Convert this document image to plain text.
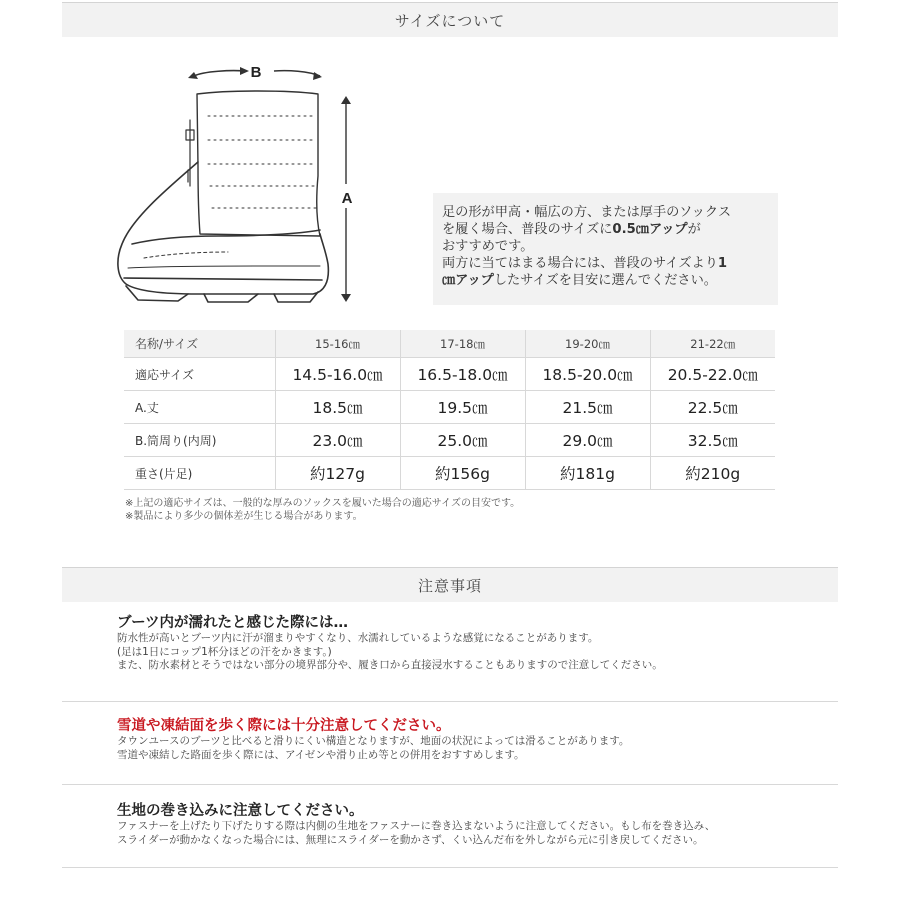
サイズについて
B
A
足の形が甲高・幅広の方、または厚手のソックス
を履く場合、普段のサイズに0.5㎝アップが
おすすめです。
両方に当てはまる場合には、普段のサイズより1
㎝アップしたサイズを目安に選んでください。
名称/サイズ	15-16㎝	17-18㎝	19-20㎝	21-22㎝
適応サイズ	14.5-16.0㎝	16.5-18.0㎝	18.5-20.0㎝	20.5-22.0㎝
A.丈	18.5㎝	19.5㎝	21.5㎝	22.5㎝
B.筒周り(内周)	23.0㎝	25.0㎝	29.0㎝	32.5㎝
重さ(片足)	約127g	約156g	約181g	約210g
※上記の適応サイズは、一般的な厚みのソックスを履いた場合の適応サイズの目安です。
※製品により多少の個体差が生じる場合があります。
注意事項
ブーツ内が濡れたと感じた際には…
防水性が高いとブーツ内に汗が溜まりやすくなり、水濡れしているような感覚になることがあります。
(足は1日にコップ1杯分ほどの汗をかきます。)
また、防水素材とそうではない部分の境界部分や、履き口から直接浸水することもありますので注意してください。
雪道や凍結面を歩く際には十分注意してください。
タウンユースのブーツと比べると滑りにくい構造となりますが、地面の状況によっては滑ることがあります。
雪道や凍結した路面を歩く際には、アイゼンや滑り止め等との併用をおすすめします。
生地の巻き込みに注意してください。
ファスナーを上げたり下げたりする際は内側の生地をファスナーに巻き込まないように注意してください。もし布を巻き込み、
スライダーが動かなくなった場合には、無理にスライダーを動かさず、くい込んだ布を外しながら元に引き戻してください。
